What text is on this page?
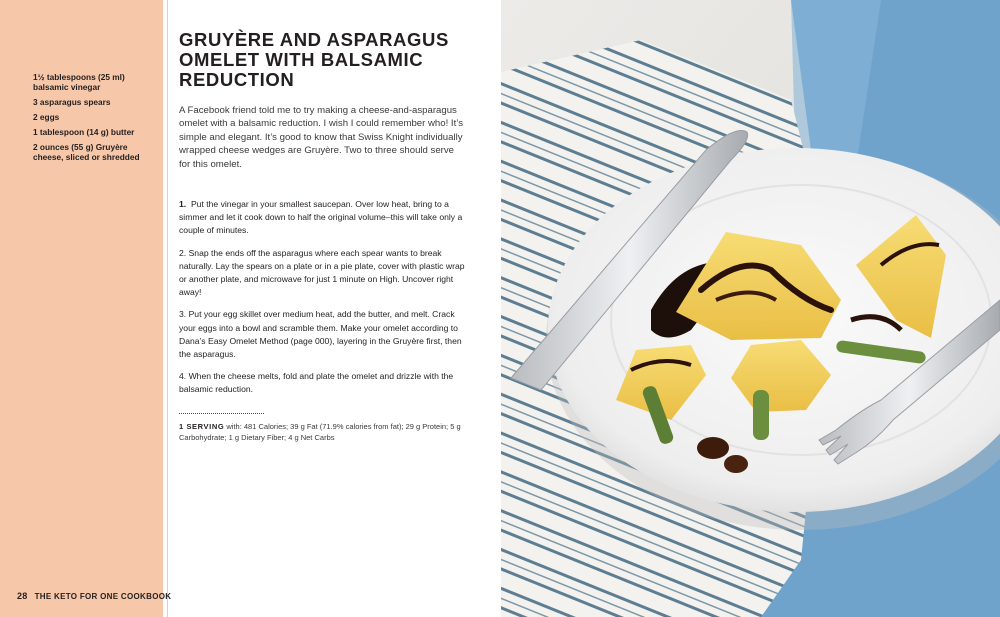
1½ tablespoons (25 ml) balsamic vinegar
3 asparagus spears
2 eggs
1 tablespoon (14 g) butter
2 ounces (55 g) Gruyère cheese, sliced or shredded
28 THE KETO FOR ONE COOKBOOK
GRUYÈRE AND ASPARAGUS OMELET WITH BALSAMIC REDUCTION

A Facebook friend told me to try making a cheese-and-asparagus omelet with a balsamic reduction. I wish I could remember who! It’s simple and elegant. It’s good to know that Swiss Knight individually wrapped cheese wedges are Gruyère. Two to three should serve for this omelet.

1. Put the vinegar in your smallest saucepan. Over low heat, bring to a simmer and let it cook down to half the original volume–this will take only a couple of minutes.

2. Snap the ends off the asparagus where each spear wants to break naturally. Lay the spears on a plate or in a pie plate, cover with plastic wrap or another plate, and microwave for just 1 minute on High. Uncover right away!

3. Put your egg skillet over medium heat, add the butter, and melt. Crack your eggs into a bowl and scramble them. Make your omelet according to Dana’s Easy Omelet Method (page 000), layering in the Gruyère first, then the asparagus.

4. When the cheese melts, fold and plate the omelet and drizzle with the balsamic reduction.

1 SERVING with: 481 Calories; 39 g Fat (71.9% calories from fat); 29 g Protein; 5 g Carbohydrate; 1 g Dietary Fiber; 4 g Net Carbs
